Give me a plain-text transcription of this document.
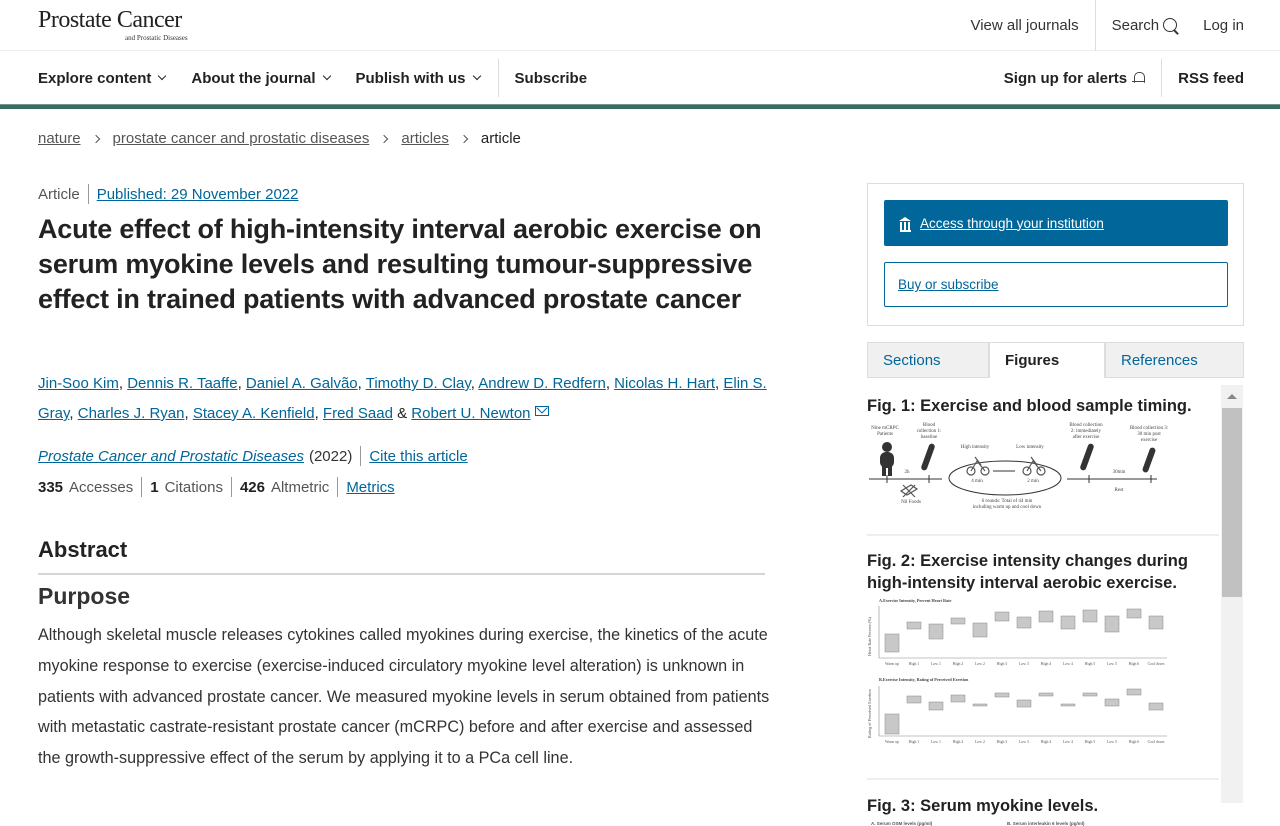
Prostate Cancer
and Prostatic Diseases
View all journals	Search	Log in
Explore content	About the journal	Publish with us	Subscribe	Sign up for alerts	RSS feed
nature prostate cancer and prostatic diseases articles article
Article Published: 29 November 2022
Acute effect of high-intensity interval aerobic exercise on serum myokine levels and resulting tumour-suppressive effect in trained patients with advanced prostate cancer
Jin-Soo Kim, Dennis R. Taaffe, Daniel A. Galvão, Timothy D. Clay, Andrew D. Redfern, Nicolas H. Hart, Elin S. Gray, Charles J. Ryan, Stacey A. Kenfield, Fred Saad & Robert U. Newton
Prostate Cancer and Prostatic Diseases (2022) Cite this article
335 Accesses 1 Citations 426 Altmetric Metrics
Abstract
Purpose

Although skeletal muscle releases cytokines called myokines during exercise, the kinetics of the acute myokine response to exercise (exercise-induced circulatory myokine level alteration) is unknown in patients with advanced prostate cancer. We measured myokine levels in serum obtained from patients with metastatic castrate-resistant prostate cancer (mCRPC) before and after exercise and assessed the growth-suppressive effect of the serum by applying it to a PCa cell line.

Access through your institution
Buy or subscribe
Sections	Figures	References
Fig. 1: Exercise and blood sample timing.
Nine mCRPC
Patients
Blood
collection 1:
baseline
High intensity	Low intensity
Blood collection
2: immediately
after exercise
Blood collection 3:
30 min post
exercise
2h
4 min	2 min
30min
Rest
Nil Foods	6 rounds: Total of 44 min
including warm up and cool down
Fig. 2: Exercise intensity changes during high-intensity interval aerobic exercise.
A.Exercise Intensity, Percent Heart Rate
B.Exercise Intensity, Rating of Perceived Exertion
Heart Rate Percent (%)
Rating of Perceived Exertion
Warm up	High 1	Low 1	High 2	Low 2	High 3	Low 3	High 4	Low 4	High 5	Low 5	High 6 Cool down
Warm up	High 1	Low 1	High 2	Low 2	High 3	Low 3	High 4	Low 4	High 5	Low 5	High 6 Cool down
Fig. 3: Serum myokine levels.
A. Serum OSM levels (pg/ml)	B. Serum interleukin 6 levels (pg/ml)
